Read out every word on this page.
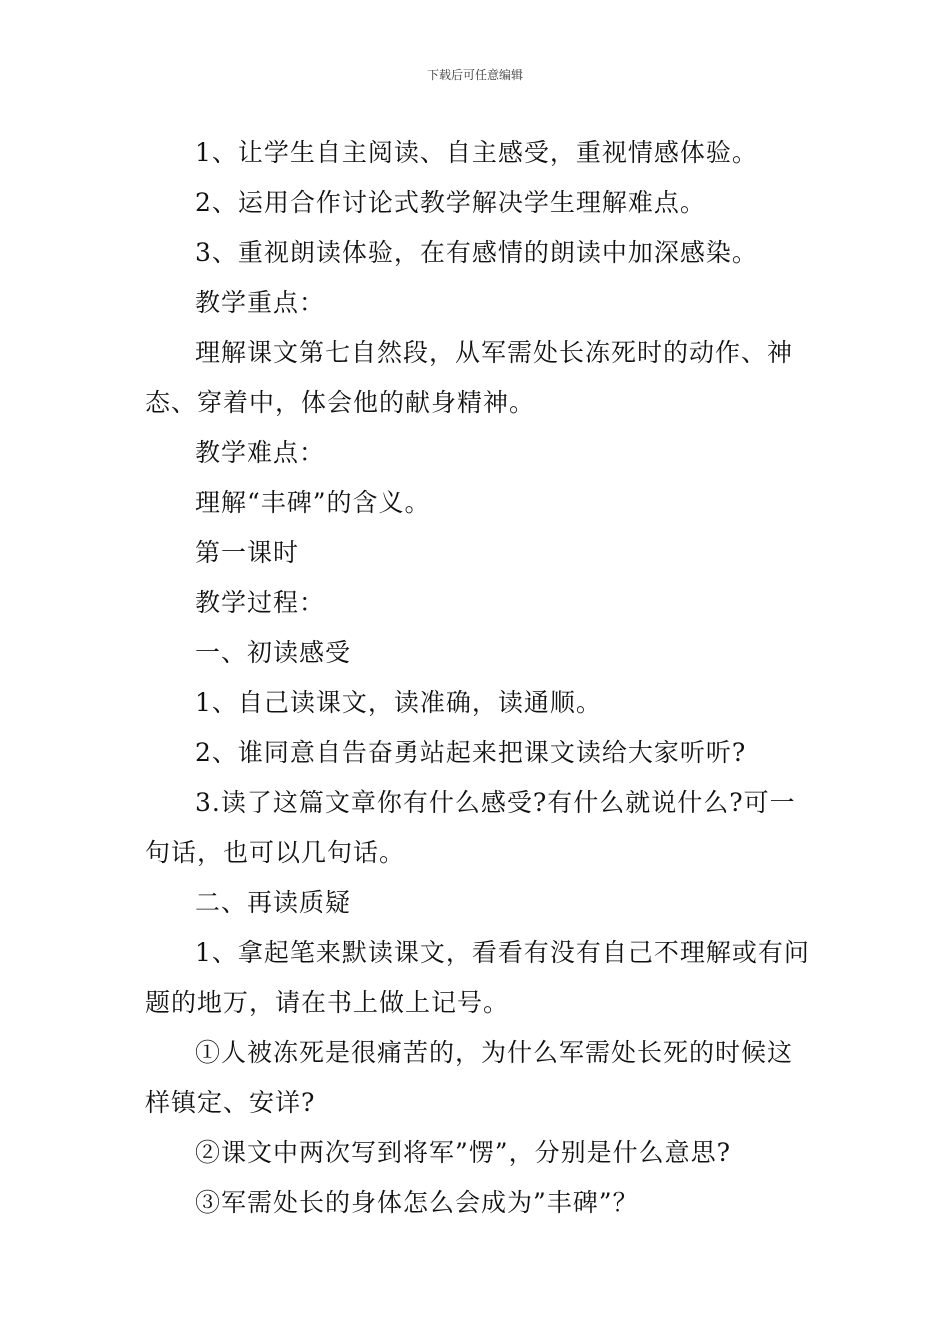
下载后可任意编辑

1、让学生自主阅读、自主感受，重视情感体验。

2、运用合作讨论式教学解决学生理解难点。

3、重视朗读体验，在有感情的朗读中加深感染。

教学重点：

理解课文第七自然段，从军需处长冻死时的动作、神态、穿着中，体会他的献身精神。

教学难点：

理解“丰碑”的含义。

第一课时

教学过程：

一、初读感受

1、自己读课文，读准确，读通顺。

2、谁同意自告奋勇站起来把课文读给大家听听?

3.读了这篇文章你有什么感受?有什么就说什么?可一句话，也可以几句话。

二、再读质疑

1、拿起笔来默读课文，看看有没有自己不理解或有问题的地万，请在书上做上记号。

①人被冻死是很痛苦的，为什么军需处长死的时候这样镇定、安详?

②课文中两次写到将军”愣”，分别是什么意思?

③军需处长的身体怎么会成为”丰碑”？
